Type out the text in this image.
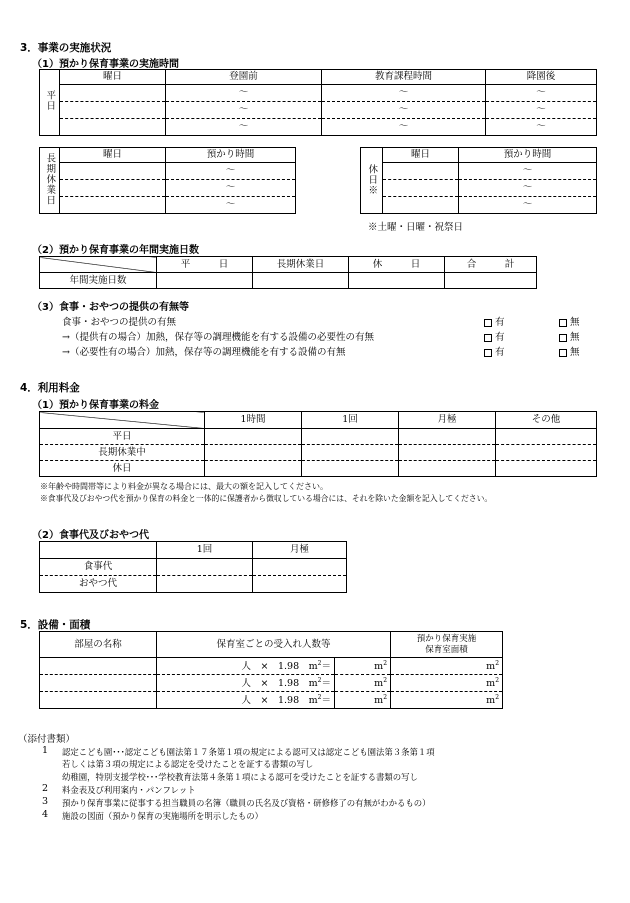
3．事業の実施状況
（1）預かり保育事業の実施時間
平日	曜日	登園前	教育課程時間	降園後
		～	～	～
		～	～	～
		～	～	～
長期休業日	曜日	預かり時間
		～
		～
		～
休日※	曜日	預かり時間
		～
		～
		～
※土曜・日曜・祝祭日
（2）預かり保育事業の年間実施日数
	平　　　日	長期休業日	休　　　日	合　　　計
年間実施日数				
（3）食事・おやつの提供の有無等
食事・おやつの提供の有無
→（提供有の場合）加熱，保存等の調理機能を有する設備の必要性の有無
→（必要性有の場合）加熱，保存等の調理機能を有する設備の有無
有	無
有	無
有	無
4．利用料金
（1）預かり保育事業の料金
	1時間	1回	月極	その他
平日				
長期休業中				
休日				
※年齢や時間帯等により料金が異なる場合には、最大の額を記入してください。
※食事代及びおやつ代を預かり保育の料金と一体的に保護者から徴収している場合には、それを除いた金額を記入してください。
（2）食事代及びおやつ代
	1回	月極
食事代		
おやつ代		
5．設備・面積
部屋の名称	保育室ごとの受入れ人数等		預かり保育実施
保育室面積

	人　×　1.98　$m^2=$	$m^2$	$m^2$
	人　×　1.98　$m^2=$	$m^2$	$m^2$
	人　×　1.98　$m^2=$	$m^2$	$m^2$
（添付書類）
1 認定こども園･･･認定こども園法第１７条第１項の規定による認可又は認定こども園法第３条第１項
若しくは第３項の規定による認定を受けたことを証する書類の写し
幼稚園，特別支援学校･･･学校教育法第４条第１項による認可を受けたことを証する書類の写し
2 料金表及び利用案内・パンフレット
3 預かり保育事業に従事する担当職員の名簿（職員の氏名及び資格・研修修了の有無がわかるもの）
4 施設の図面（預かり保育の実施場所を明示したもの）
